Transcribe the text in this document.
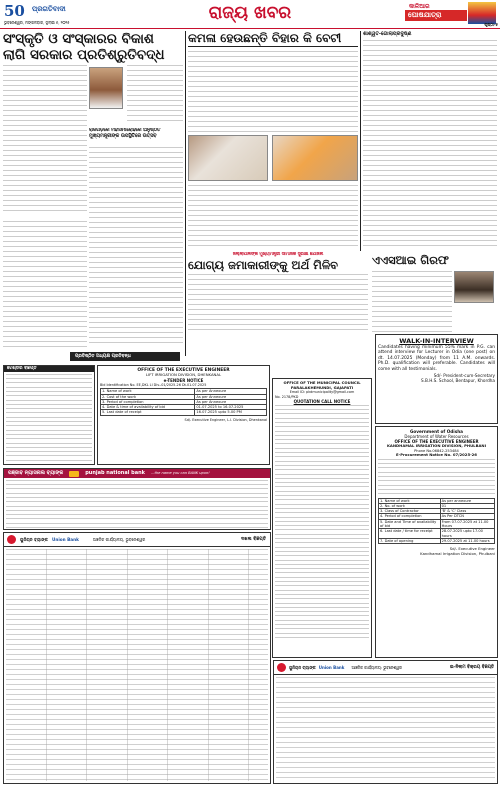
50	ପ୍ରଗତିବାଦୀ
ଭୁବନେଶ୍ୱର, ମଙ୍ଗଳବାର, ଜୁଲାଇ ୫, ୨୦୨୫	ରାଜ୍ୟ ଖବର	କାଳିଆର
ଘୋଷଯାତ୍ରା
ପୃଷ୍ଠା-୫
ସଂସ୍କୃତି ଓ ସଂସ୍କାରର ବିକାଶ
ଲାଗି ସରକାର ପ୍ରତିଶ୍ରୁତିବଦ୍ଧ
ରାଜଗଡ଼ରେ ମହାସମାରୋହରେ ଅନୁଷ୍ଠିତ
ମୁଖ୍ୟମନ୍ତ୍ରୀଙ୍କ ଉପସ୍ଥିତିରେ ଉତ୍ସବ
କମଳା ହେଉଛନ୍ତି ବିହାର କି ବେଟୀ	ଶାଶ୍ୱତ-ଗୋଲାପ୍ରଦୁଷ୍ଣ
ପ୍ରତିଷ୍ଠିତ ଅଧ୍ୟକ୍ଷ ପ୍ରତିବନ୍ଧ
ଜିଲ୍ଲାପାଳଙ୍କ ମୁଖ୍ୟମନ୍ତ୍ରୀ ସାମାଜିକ ସୁରକ୍ଷା ଯୋଜନା
ଯୋଗ୍ୟ ଜମାକାରୀଙ୍କୁ ଅର୍ଥ ମିଳିବ	ଏଏସଆଇ ଗିରଫ
ଟେଣ୍ଡର ବିଜ୍ଞପ୍ତି	OFFICE OF THE EXECUTIVE ENGINEER
LIFT IRRIGATION DIVISION, DHENKANAL
e-TENDER NOTICE
Bid Identification No. EE,DKL LI Div.-01/2025-26 Dt.01.07.2025
1. Name of work	As per Annexure
2. Cost of the work	As per Annexure
3. Period of completion	As per Annexure
4. Date & time of availability of bid	01.07.2025 to 16.07.2025
5. Last date of receipt	16.07.2025 upto 5.00 PM
Sd/- Executive Engineer, L.I. Division, Dhenkanal
OFFICE OF THE MUNICIPAL COUNCIL
PARALAKHEMUNDI, GAJAPATI
Email ID: pkdmunicipality@gmail.com
No. 2178/PKD
QUOTATION CALL NOTICE
WALK-IN-INTERVIEW
Candidates having minimum 55% mark in P.G. can attend interview for Lecturer in Odia (one post) on dt. 14.07.2025 (Monday) from 11 A.M. onwards. Ph.D. qualification will preferable. Candidates will come with all testimonials.
Sd/- President-cum-Secretary
S.B.H.S. School, Bentapur, Khordha
Government of Odisha
Department of Water Resources
OFFICE OF THE EXECUTIVE ENGINEER
KANDHAMAL IRRIGATION DIVISION, PHULBANI
Phone No.06842-253484
E-Procurement Notice No. 07/2025-26
1. Name of work	As per annexure
2. No. of work	01
3. Class of Contractor	'B' & 'C' Class
4. Period of completion	As Per DTCN
5. Date and Time of availability of bid	From 07.07.2025 at 11.00 Hours
6. Last date / time for receipt	28.07.2025 upto 17.00 hours
7. Date of opening	29.07.2025 at 11.00 hours
Sd/- Executive Engineer
Kandhamal Irrigation Division, Phulbani
ପଞ୍ଜାବ ନ୍ୟାସନାଲ ବ୍ୟାଙ୍କ	punjab national bank ...the name you can BANK upon!
ୟୁନିୟନ ବ୍ୟାଙ୍କ Union Bank	ଅଞ୍ଚଳିକ କାର୍ଯ୍ୟାଳୟ, ଭୁବନେଶ୍ୱର	ଦଖଲ ବିଜ୍ଞପ୍ତି
ୟୁନିୟନ ବ୍ୟାଙ୍କ Union Bank ଆଞ୍ଚଳିକ କାର୍ଯ୍ୟାଳୟ: ଭୁବନେଶ୍ୱର	ଇ-ନିଲାମ ବିକ୍ରୟ ବିଜ୍ଞପ୍ତି
